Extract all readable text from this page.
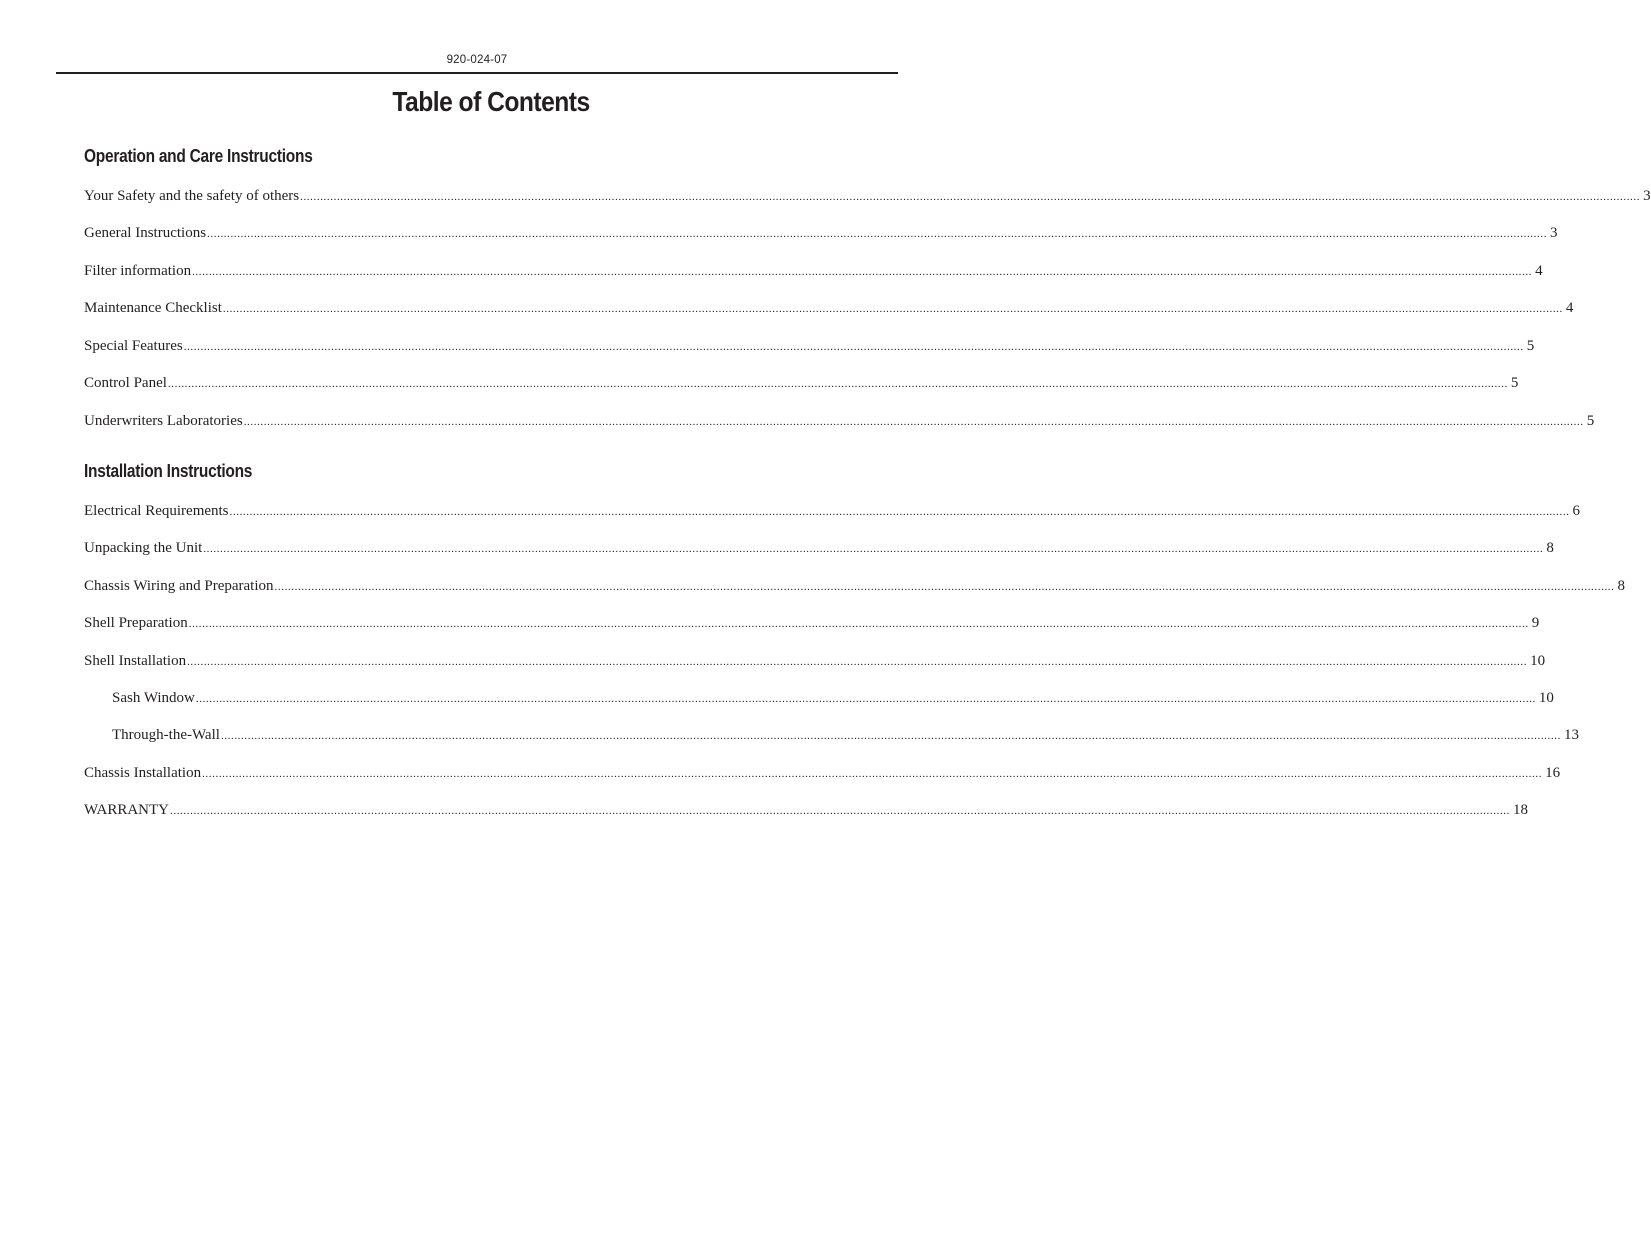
920-024-07
Table of Contents
Operation and Care Instructions
Your Safety and the safety of others ................................................................................................................................................................................................................................................................................................................................................................................................................ 3
General Instructions ................................................................................................................................................................................................................................................................................................................................................................................................................ 3
Filter information ................................................................................................................................................................................................................................................................................................................................................................................................................ 4
Maintenance Checklist ................................................................................................................................................................................................................................................................................................................................................................................................................ 4
Special Features ................................................................................................................................................................................................................................................................................................................................................................................................................ 5
Control Panel ................................................................................................................................................................................................................................................................................................................................................................................................................ 5
Underwriters Laboratories ................................................................................................................................................................................................................................................................................................................................................................................................................ 5
Installation Instructions
Electrical Requirements ................................................................................................................................................................................................................................................................................................................................................................................................................ 6
Unpacking the Unit ................................................................................................................................................................................................................................................................................................................................................................................................................ 8
Chassis Wiring and Preparation ................................................................................................................................................................................................................................................................................................................................................................................................................ 8
Shell Preparation ................................................................................................................................................................................................................................................................................................................................................................................................................ 9
Shell Installation ................................................................................................................................................................................................................................................................................................................................................................................................................ 10
Sash Window ................................................................................................................................................................................................................................................................................................................................................................................................................ 10
Through-the-Wall ................................................................................................................................................................................................................................................................................................................................................................................................................ 13
Chassis Installation ................................................................................................................................................................................................................................................................................................................................................................................................................ 16
WARRANTY ................................................................................................................................................................................................................................................................................................................................................................................................................ 18
